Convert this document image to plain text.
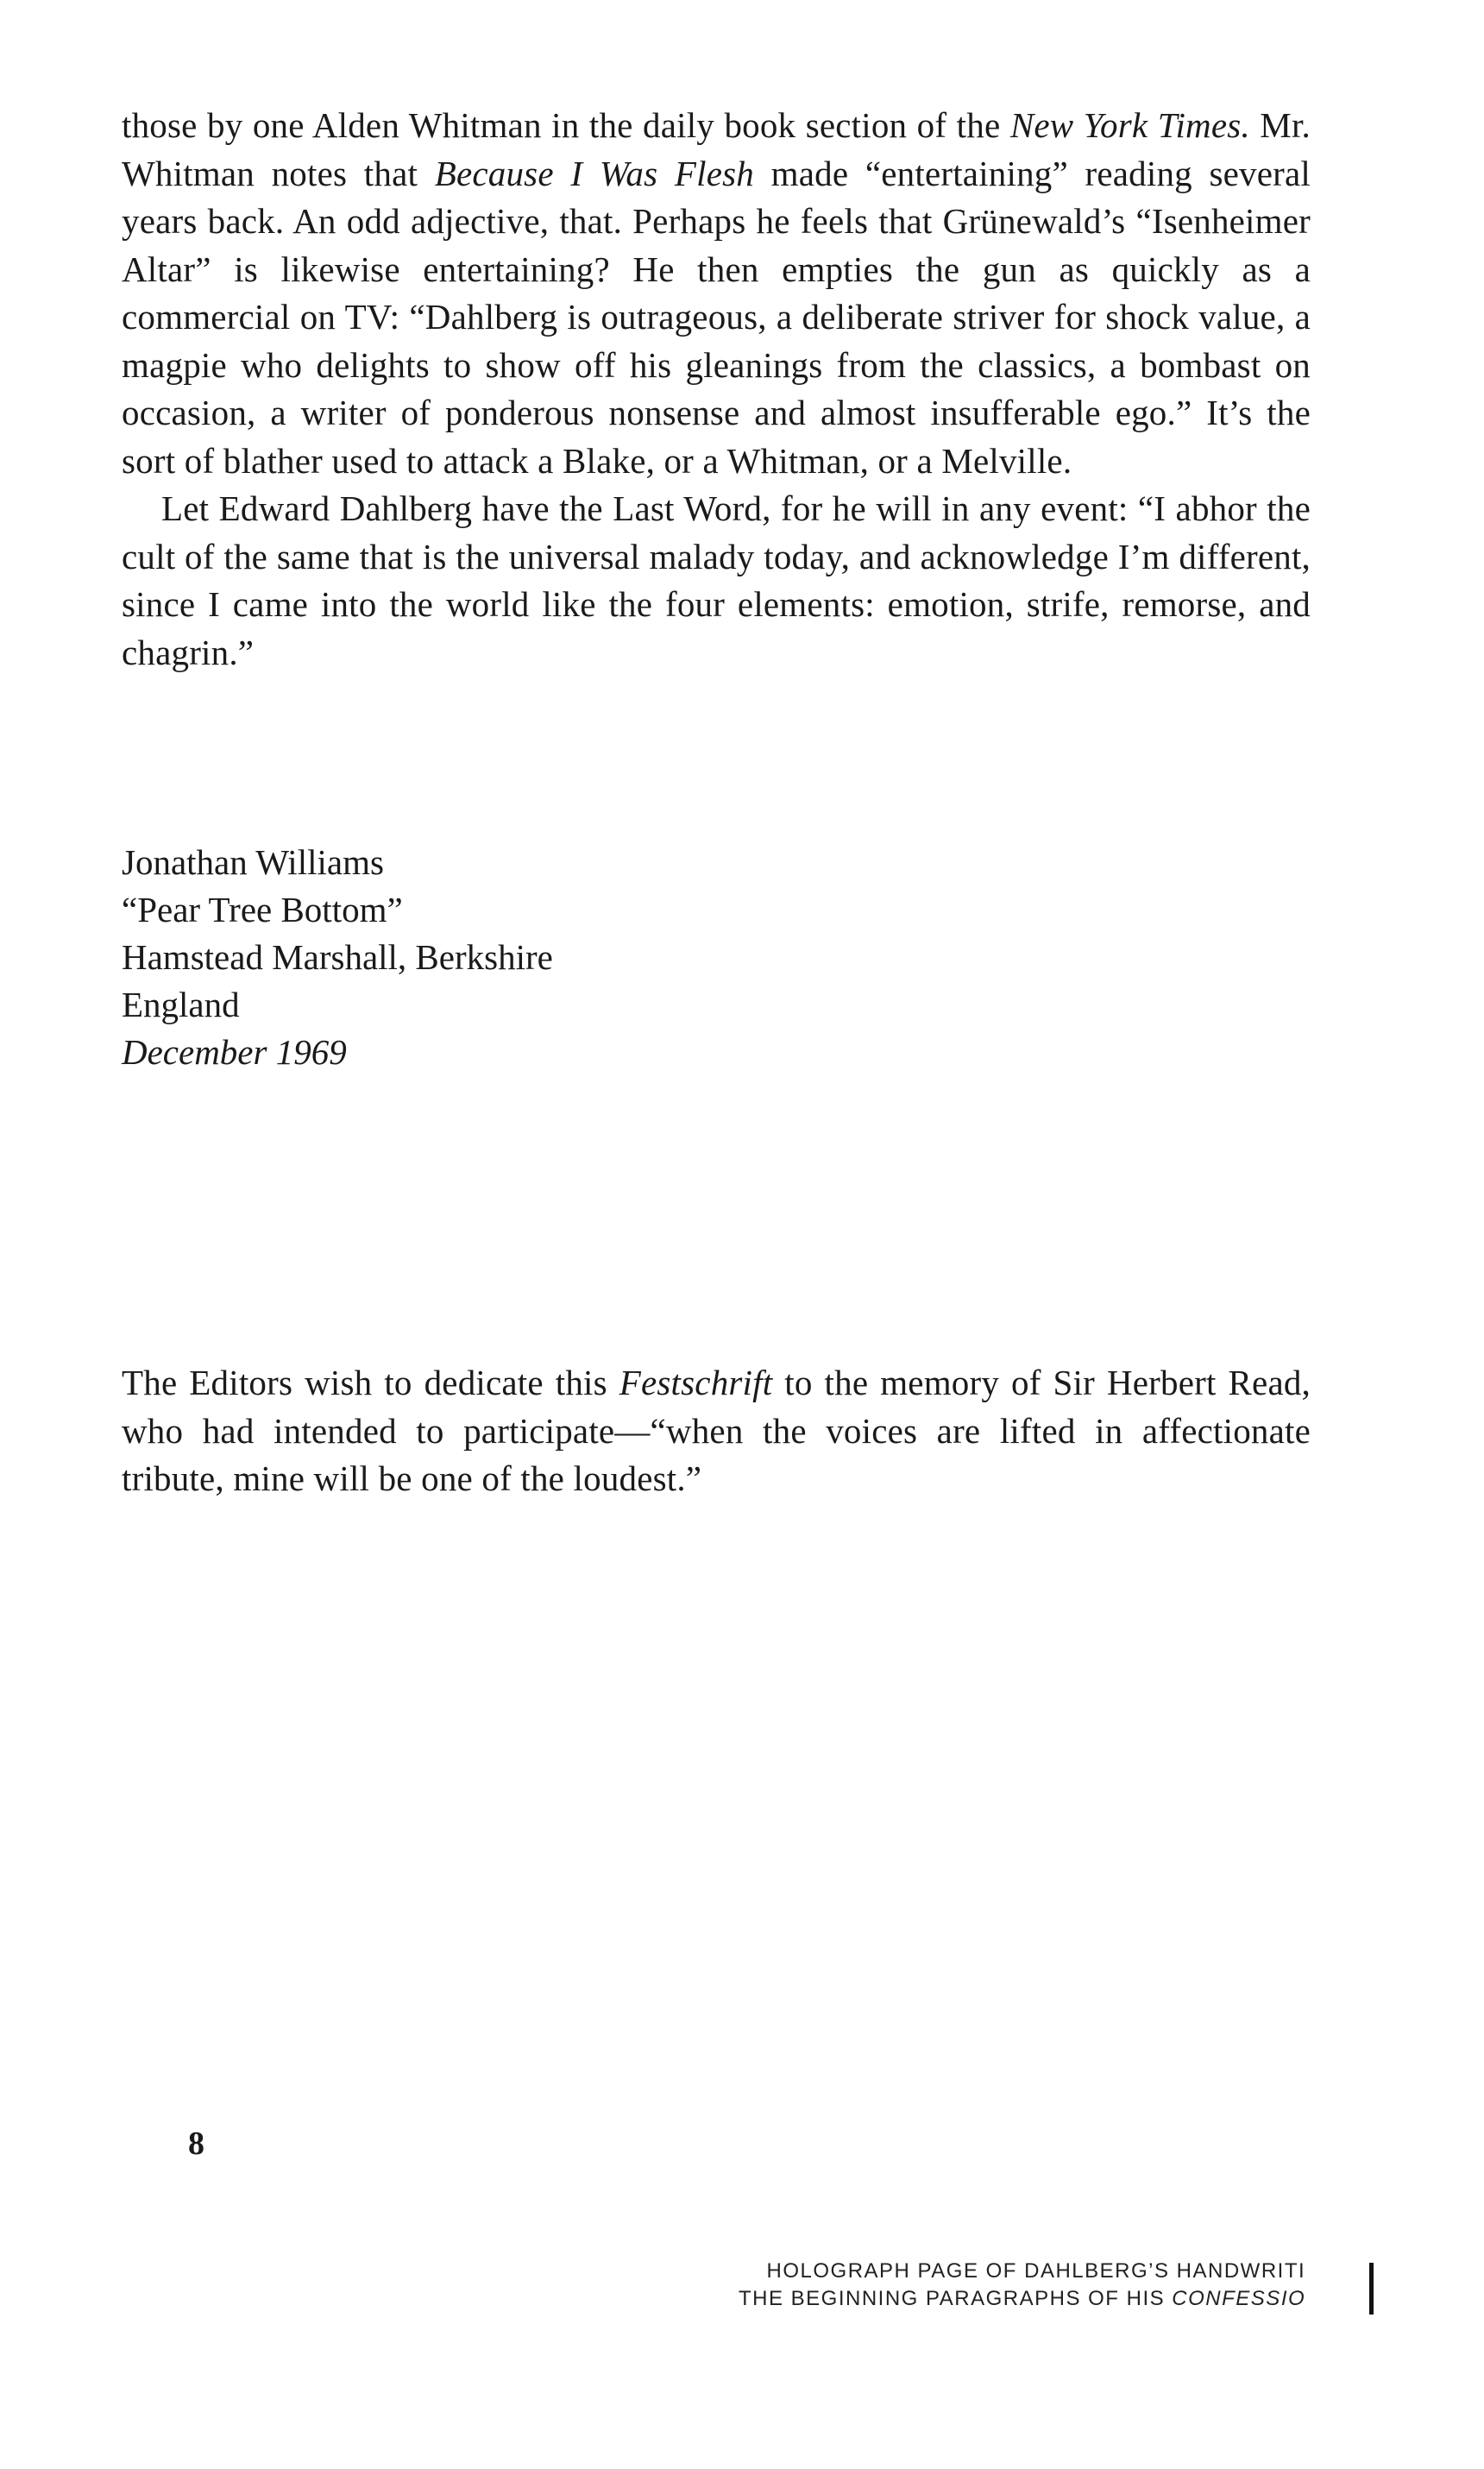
those by one Alden Whitman in the daily book section of the New York Times. Mr. Whitman notes that Because I Was Flesh made “entertaining” reading several years back. An odd adjective, that. Perhaps he feels that Grünewald’s “Isenheimer Altar” is likewise entertaining? He then empties the gun as quickly as a commercial on TV: “Dahlberg is outrageous, a deliberate striver for shock value, a magpie who delights to show off his gleanings from the classics, a bombast on occasion, a writer of ponderous nonsense and almost insufferable ego.” It’s the sort of blather used to attack a Blake, or a Whitman, or a Melville.

Let Edward Dahlberg have the Last Word, for he will in any event: “I abhor the cult of the same that is the universal malady today, and acknowledge I’m different, since I came into the world like the four elements: emotion, strife, remorse, and chagrin.”

Jonathan Williams
“Pear Tree Bottom”
Hamstead Marshall, Berkshire
England
December 1969

The Editors wish to dedicate this Festschrift to the memory of Sir Herbert Read, who had intended to participate—“when the voices are lifted in affectionate tribute, mine will be one of the loudest.”

8
HOLOGRAPH PAGE OF DAHLBERG’S HANDWRITI
THE BEGINNING PARAGRAPHS OF HIS CONFESSIO
